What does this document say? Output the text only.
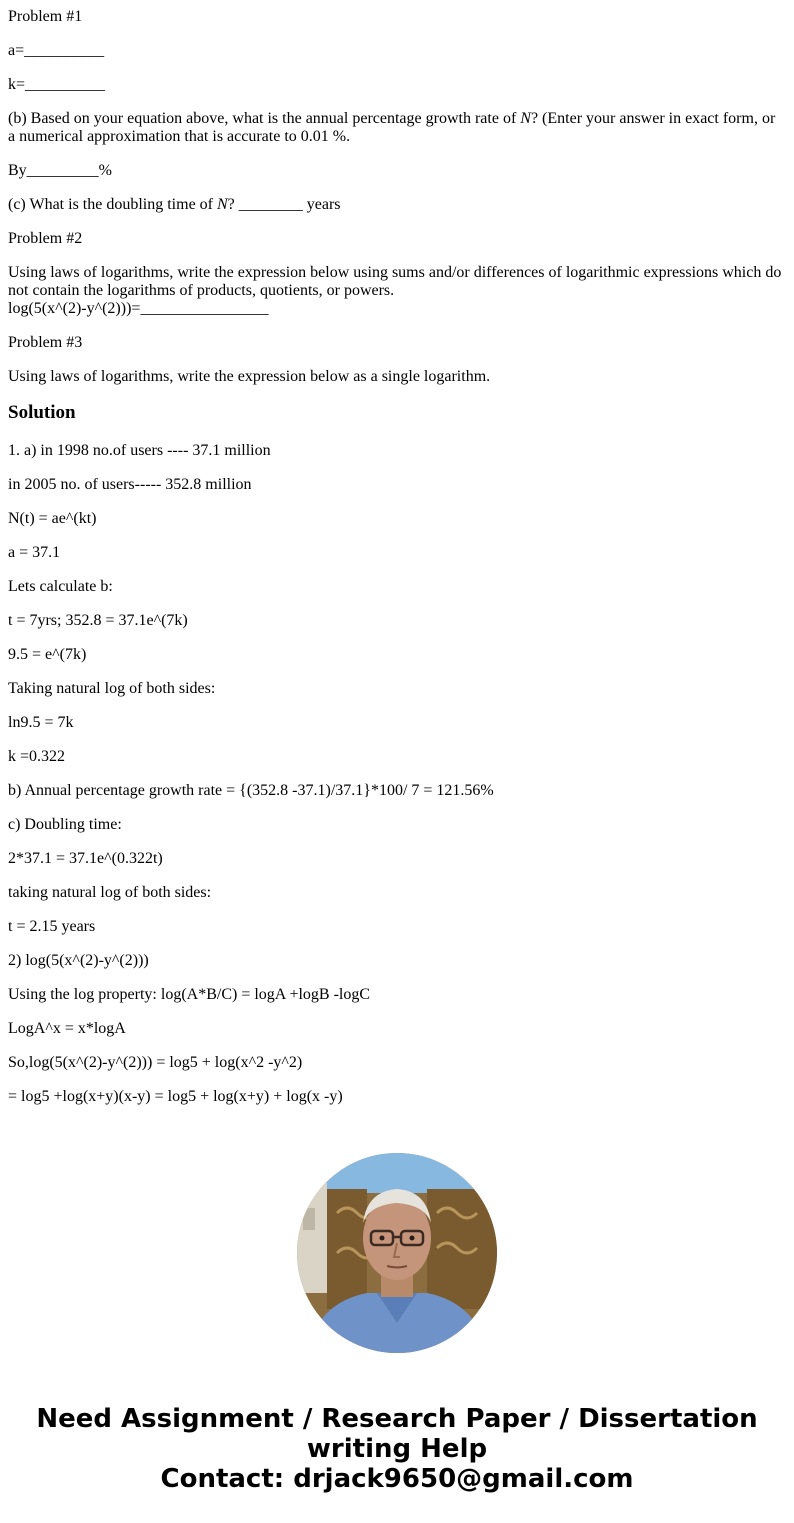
Problem #1

a=__________

k=__________

(b) Based on your equation above, what is the annual percentage growth rate of N? (Enter your answer in exact form, or a numerical approximation that is accurate to 0.01 %.

By_________%

(c) What is the doubling time of N? ________ years

Problem #2

Using laws of logarithms, write the expression below using sums and/or differences of logarithmic expressions which do not contain the logarithms of products, quotients, or powers.

log(5(x^(2)-y^(2)))=________________

Problem #3

Using laws of logarithms, write the expression below as a single logarithm.

Solution

1. a) in 1998 no.of users ---- 37.1 million

in 2005 no. of users----- 352.8 million

N(t) = ae^(kt)

a = 37.1

Lets calculate b:

t = 7yrs; 352.8 = 37.1e^(7k)

9.5 = e^(7k)

Taking natural log of both sides:

ln9.5 = 7k

k =0.322

b) Annual percentage growth rate = {(352.8 -37.1)/37.1}*100/ 7 = 121.56%

c) Doubling time:

2*37.1 = 37.1e^(0.322t)

taking natural log of both sides:

t = 2.15 years

2) log(5(x^(2)-y^(2)))

Using the log property: log(A*B/C) = logA +logB -logC

LogA^x = x*logA

So,log(5(x^(2)-y^(2))) = log5 + log(x^2 -y^2)

= log5 +log(x+y)(x-y) = log5 + log(x+y) + log(x -y)

Need Assignment / Research Paper / Dissertation
writing Help
Contact: drjack9650@gmail.com
